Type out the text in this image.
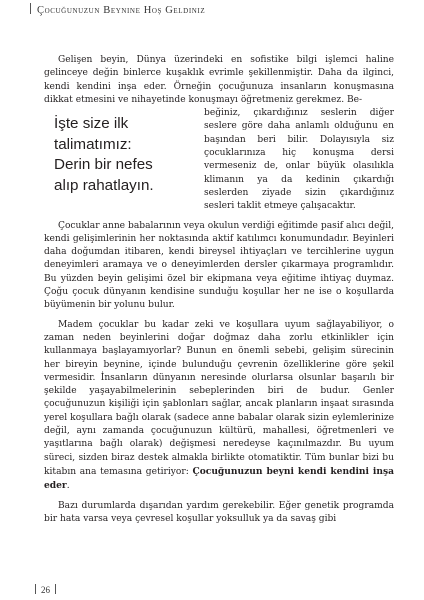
Çocuğunuzun Beynine Hoş Geldiniz

Gelişen beyin, Dünya üzerindeki en sofistike bilgi işlemci haline gelinceye değin binlerce kuşaklık evrimle şekillenmiştir. Daha da ilginci, kendi kendini inşa eder. Örneğin çocuğunuza insanların konuşmasına dikkat etmesini ve nihayetinde konuşmayı öğretmeniz gerekmez. Be-

İşte size ilk
talimatımız:
Derin bir nefes
alıp rahatlayın.

beğiniz, çıkardığınız seslerin diğer seslere göre daha anlamlı olduğunu en başından beri bilir. Dolayısıyla siz çocuklarınıza hiç konuşma dersi vermeseniz de, onlar büyük olasılıkla klimanın ya da kedinin çıkardığı seslerden ziyade sizin çıkardığınız sesleri taklit etmeye çalışacaktır.

Çocuklar anne babalarının veya okulun verdiği eğitimde pasif alıcı değil, kendi gelişimlerinin her noktasında aktif katılımcı konumundadır. Beyinleri daha doğumdan itibaren, kendi bireysel ihtiyaçları ve tercihlerine uygun deneyimleri aramaya ve o deneyimlerden dersler çıkarmaya programlıdır. Bu yüzden beyin gelişimi özel bir ekipmana veya eğitime ihtiyaç duymaz. Çoğu çocuk dünyanın kendisine sunduğu koşullar her ne ise o koşullarda büyümenin bir yolunu bulur.

Madem çocuklar bu kadar zeki ve koşullara uyum sağlayabiliyor, o zaman neden beyinlerini doğar doğmaz daha zorlu etkinlikler için kullanmaya başlayamıyorlar? Bunun en önemli sebebi, gelişim sürecinin her bireyin beynine, içinde bulunduğu çevrenin özelliklerine göre şekil vermesidir. İnsanların dünyanın neresinde olurlarsa olsunlar başarılı bir şekilde yaşayabilmelerinin sebeplerinden biri de budur. Genler çocuğunuzun kişiliği için şablonları sağlar, ancak planların inşaat sırasında yerel koşullara bağlı olarak (sadece anne babalar olarak sizin eylemlerinize değil, aynı zamanda çocuğunuzun kültürü, mahallesi, öğretmenleri ve yaşıtlarına bağlı olarak) değişmesi neredeyse kaçınılmazdır. Bu uyum süreci, sizden biraz destek almakla birlikte otomatiktir. Tüm bunlar bizi bu kitabın ana temasına getiriyor: Çocuğunuzun beyni kendi kendini inşa eder.

Bazı durumlarda dışarıdan yardım gerekebilir. Eğer genetik programda bir hata varsa veya çevresel koşullar yoksulluk ya da savaş gibi

26
